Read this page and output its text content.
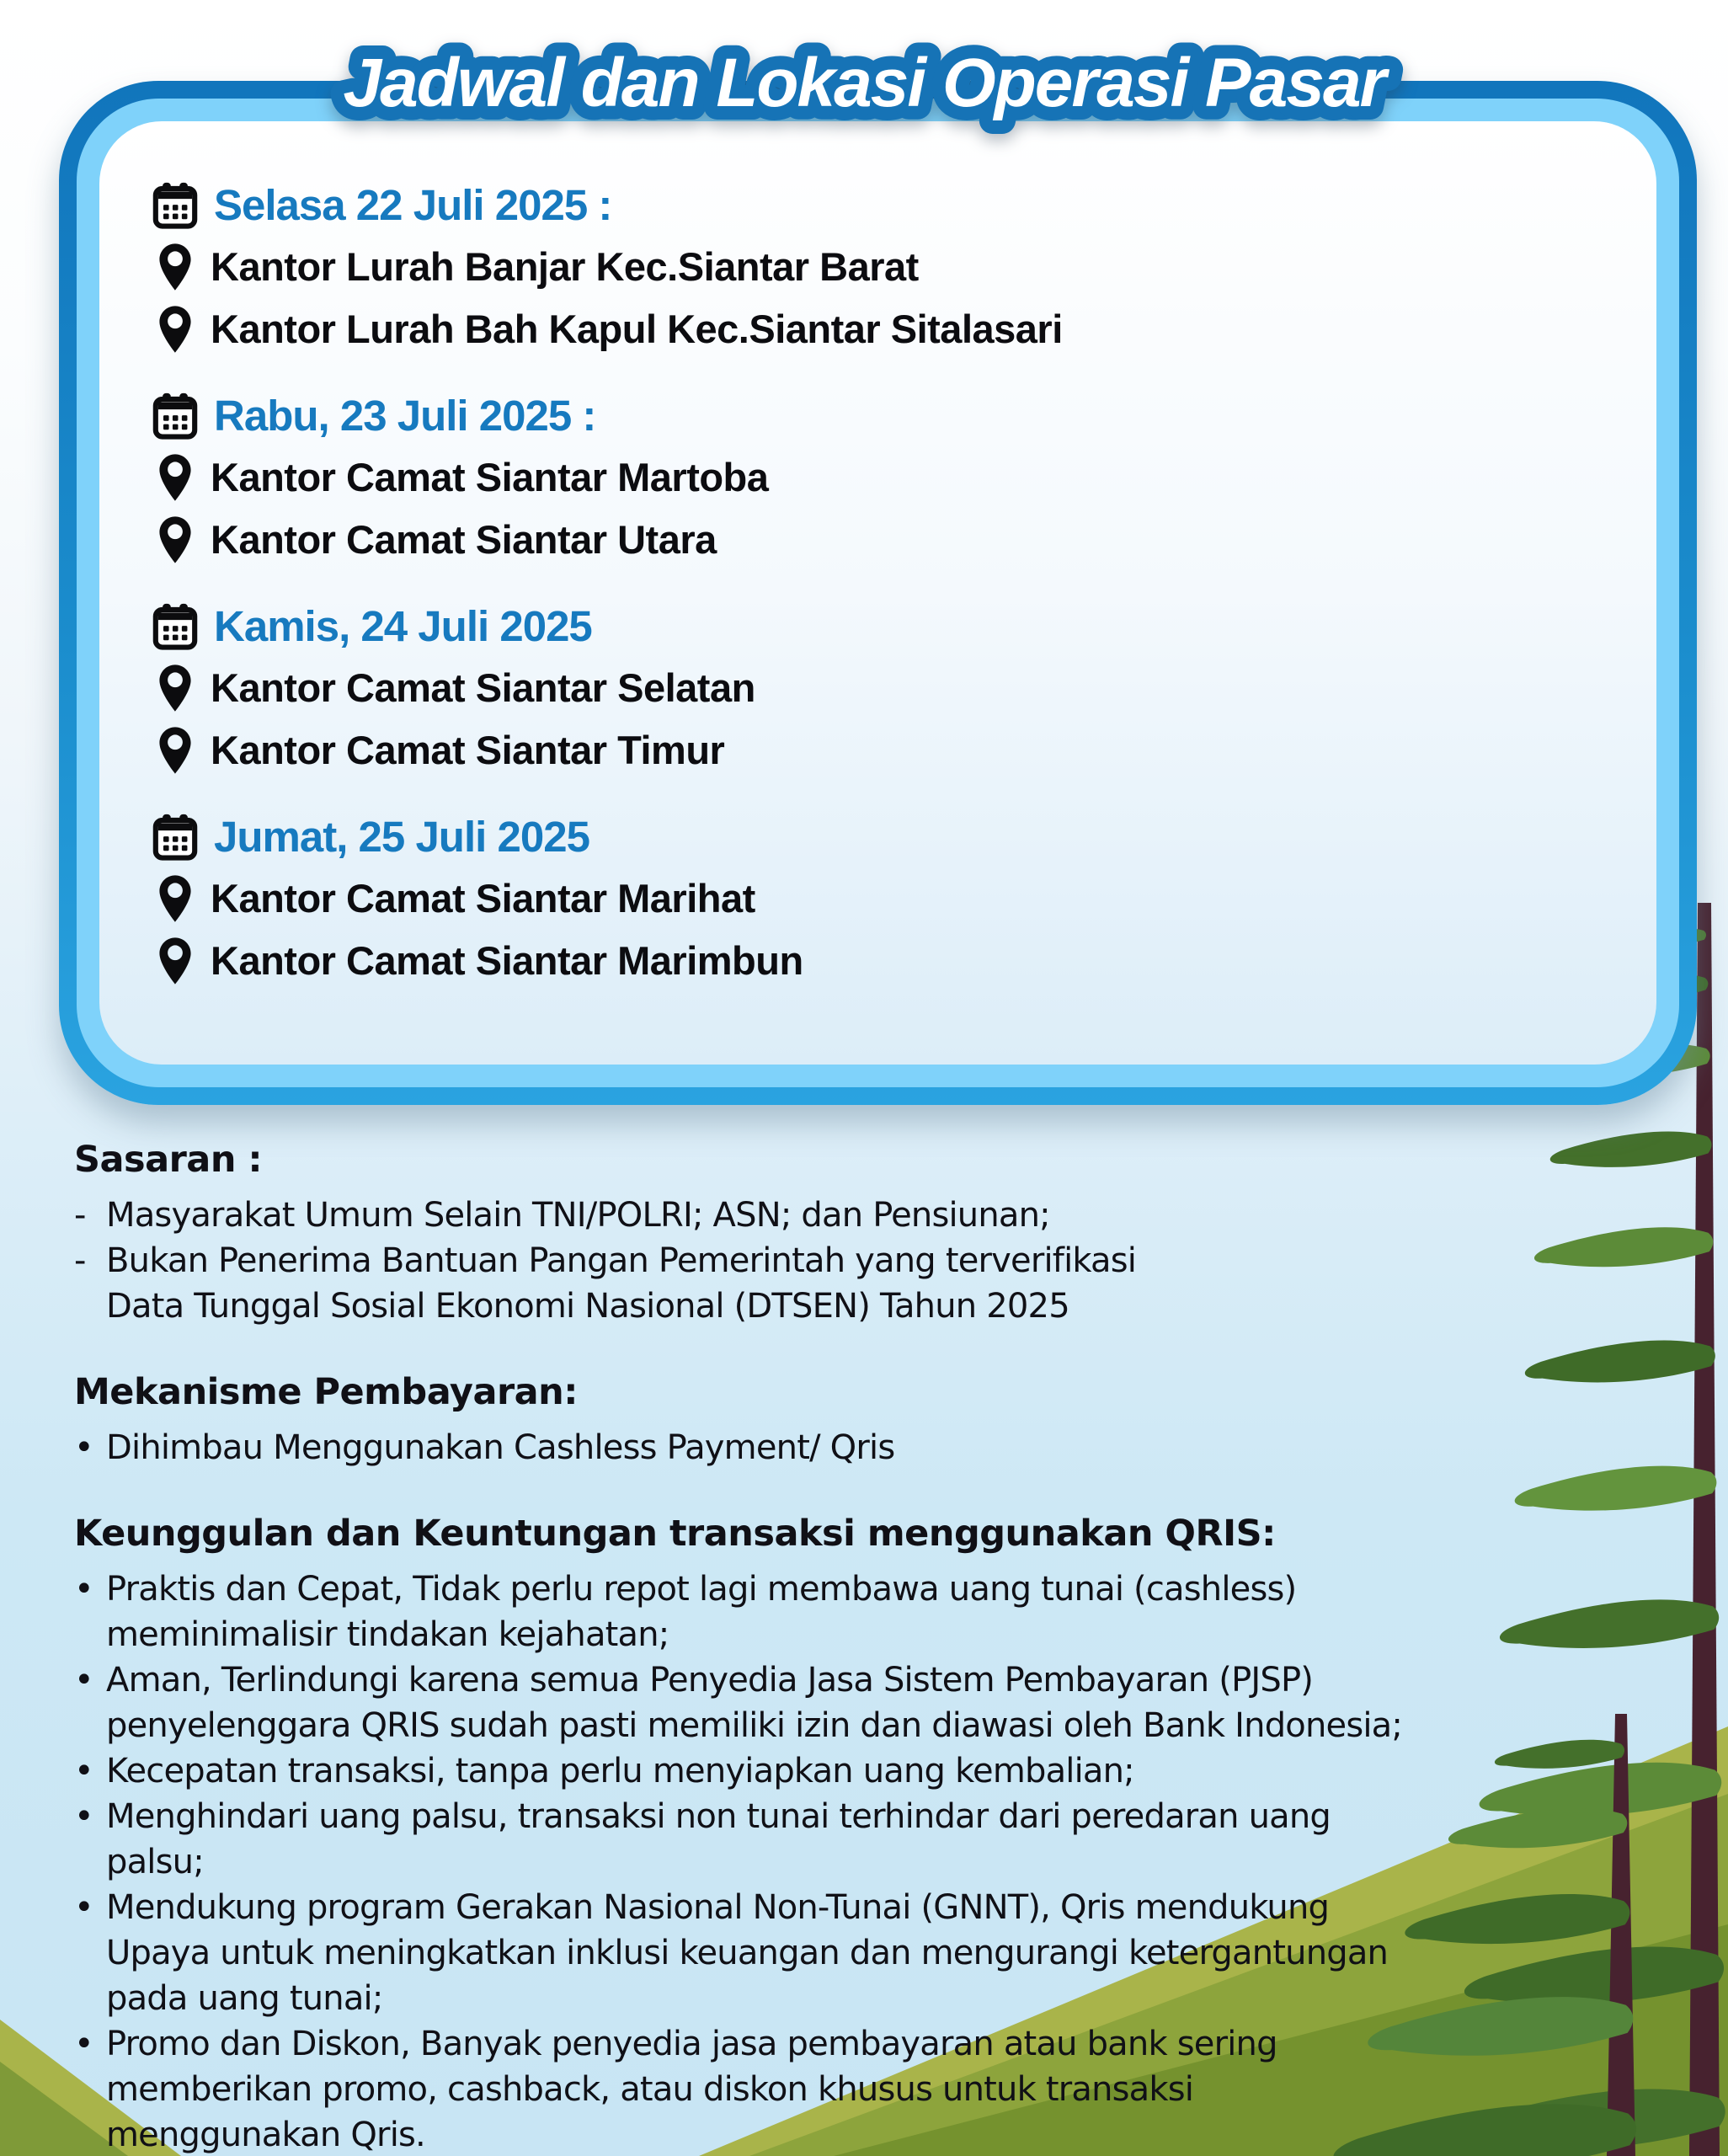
Selasa 22 Juli 2025 :
Kantor Lurah Banjar Kec.Siantar Barat
Kantor Lurah Bah Kapul Kec.Siantar Sitalasari
Rabu, 23 Juli 2025 :
Kantor Camat Siantar Martoba
Kantor Camat Siantar Utara
Kamis, 24 Juli 2025
Kantor Camat Siantar Selatan
Kantor Camat Siantar Timur
Jumat, 25 Juli 2025
Kantor Camat Siantar Marihat
Kantor Camat Siantar Marimbun
Jadwal dan Lokasi Operasi Pasar
Sasaran :
- Masyarakat Umum Selain TNI/POLRI; ASN; dan Pensiunan;
- Bukan Penerima Bantuan Pangan Pemerintah yang terverifikasi
Data Tunggal Sosial Ekonomi Nasional (DTSEN) Tahun 2025
Mekanisme Pembayaran:
• Dihimbau Menggunakan Cashless Payment/ Qris
Keunggulan dan Keuntungan transaksi menggunakan QRIS:
• Praktis dan Cepat, Tidak perlu repot lagi membawa uang tunai (cashless)
meminimalisir tindakan kejahatan;
• Aman, Terlindungi karena semua Penyedia Jasa Sistem Pembayaran (PJSP)
penyelenggara QRIS sudah pasti memiliki izin dan diawasi oleh Bank Indonesia;
• Kecepatan transaksi, tanpa perlu menyiapkan uang kembalian;
• Menghindari uang palsu, transaksi non tunai terhindar dari peredaran uang
palsu;
• Mendukung program Gerakan Nasional Non-Tunai (GNNT), Qris mendukung
Upaya untuk meningkatkan inklusi keuangan dan mengurangi ketergantungan
pada uang tunai;
• Promo dan Diskon, Banyak penyedia jasa pembayaran atau bank sering
memberikan promo, cashback, atau diskon khusus untuk transaksi
menggunakan Qris.
